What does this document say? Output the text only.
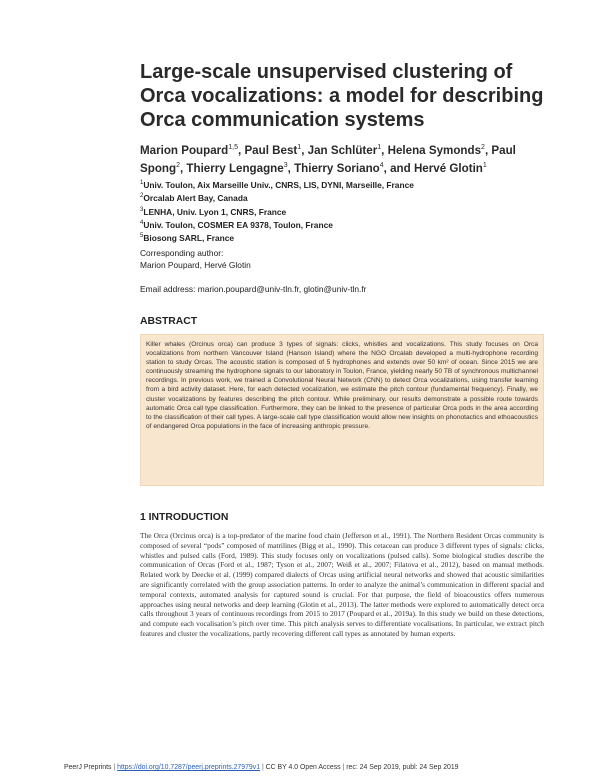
Large-scale unsupervised clustering of Orca vocalizations: a model for describing Orca communication systems
Marion Poupard$^{1,5}$, Paul Best$^1$, Jan Schlüter$^1$, Helena Symonds$^2$, Paul Spong$^2$, Thierry Lengagne$^3$, Thierry Soriano$^4$, and Hervé Glotin$^1$
$^1$Univ. Toulon, Aix Marseille Univ., CNRS, LIS, DYNI, Marseille, France
$^2$Orcalab Alert Bay, Canada
$^3$LENHA, Univ. Lyon 1, CNRS, France
$^4$Univ. Toulon, COSMER EA 9378, Toulon, France
$^5$Biosong SARL, France
Corresponding author:
Marion Poupard, Hervé Glotin
Email address: marion.poupard@univ-tln.fr, glotin@univ-tln.fr
ABSTRACT
Killer whales (Orcinus orca) can produce 3 types of signals: clicks, whistles and vocalizations. This study focuses on Orca vocalizations from northern Vancouver Island (Hanson Island) where the NGO Orcalab developed a multi-hydrophone recording station to study Orcas. The acoustic station is composed of 5 hydrophones and extends over 50 km² of ocean. Since 2015 we are continuously streaming the hydrophone signals to our laboratory in Toulon, France, yielding nearly 50 TB of synchronous multichannel recordings. In previous work, we trained a Convolutional Neural Network (CNN) to detect Orca vocalizations, using transfer learning from a bird activity dataset. Here, for each detected vocalization, we estimate the pitch contour (fundamental frequency). Finally, we cluster vocalizations by features describing the pitch contour. While preliminary, our results demonstrate a possible route towards automatic Orca call type classification. Furthermore, they can be linked to the presence of particular Orca pods in the area according to the classification of their call types. A large-scale call type classification would allow new insights on phonotactics and ethoacoustics of endangered Orca populations in the face of increasing anthropic pressure.
1 INTRODUCTION
The Orca (Orcinus orca) is a top-predator of the marine food chain (Jefferson et al., 1991). The Northern Resident Orcas community is composed of several “pods” composed of matrilines (Bigg et al., 1990). This cetacean can produce 3 different types of signals: clicks, whistles and pulsed calls (Ford, 1989). This study focuses only on vocalizations (pulsed calls). Some biological studies describe the communication of Orcas (Ford et al., 1987; Tyson et al., 2007; Weiß et al., 2007; Filatova et al., 2012), based on manual methods. Related work by Deecke et al. (1999) compared dialects of Orcas using artificial neural networks and showed that acoustic similarities are significantly correlated with the group association patterns. In order to analyze the animal’s communication in different spacial and temporal contexts, automated analysis for captured sound is crucial. For that purpose, the field of bioacoustics offers numerous approaches using neural networks and deep learning (Glotin et al., 2013). The latter methods were explored to automatically detect orca calls throughout 3 years of continuous recordings from 2015 to 2017 (Poupard et al., 2019a). In this study we build on these detections, and compute each vocalisation’s pitch over time. This pitch analysis serves to differentiate vocalisations. In particular, we extract pitch features and cluster the vocalizations, partly recovering different call types as annotated by human experts.
PeerJ Preprints | https://doi.org/10.7287/peerj.preprints.27979v1 | CC BY 4.0 Open Access | rec: 24 Sep 2019, publ: 24 Sep 2019
